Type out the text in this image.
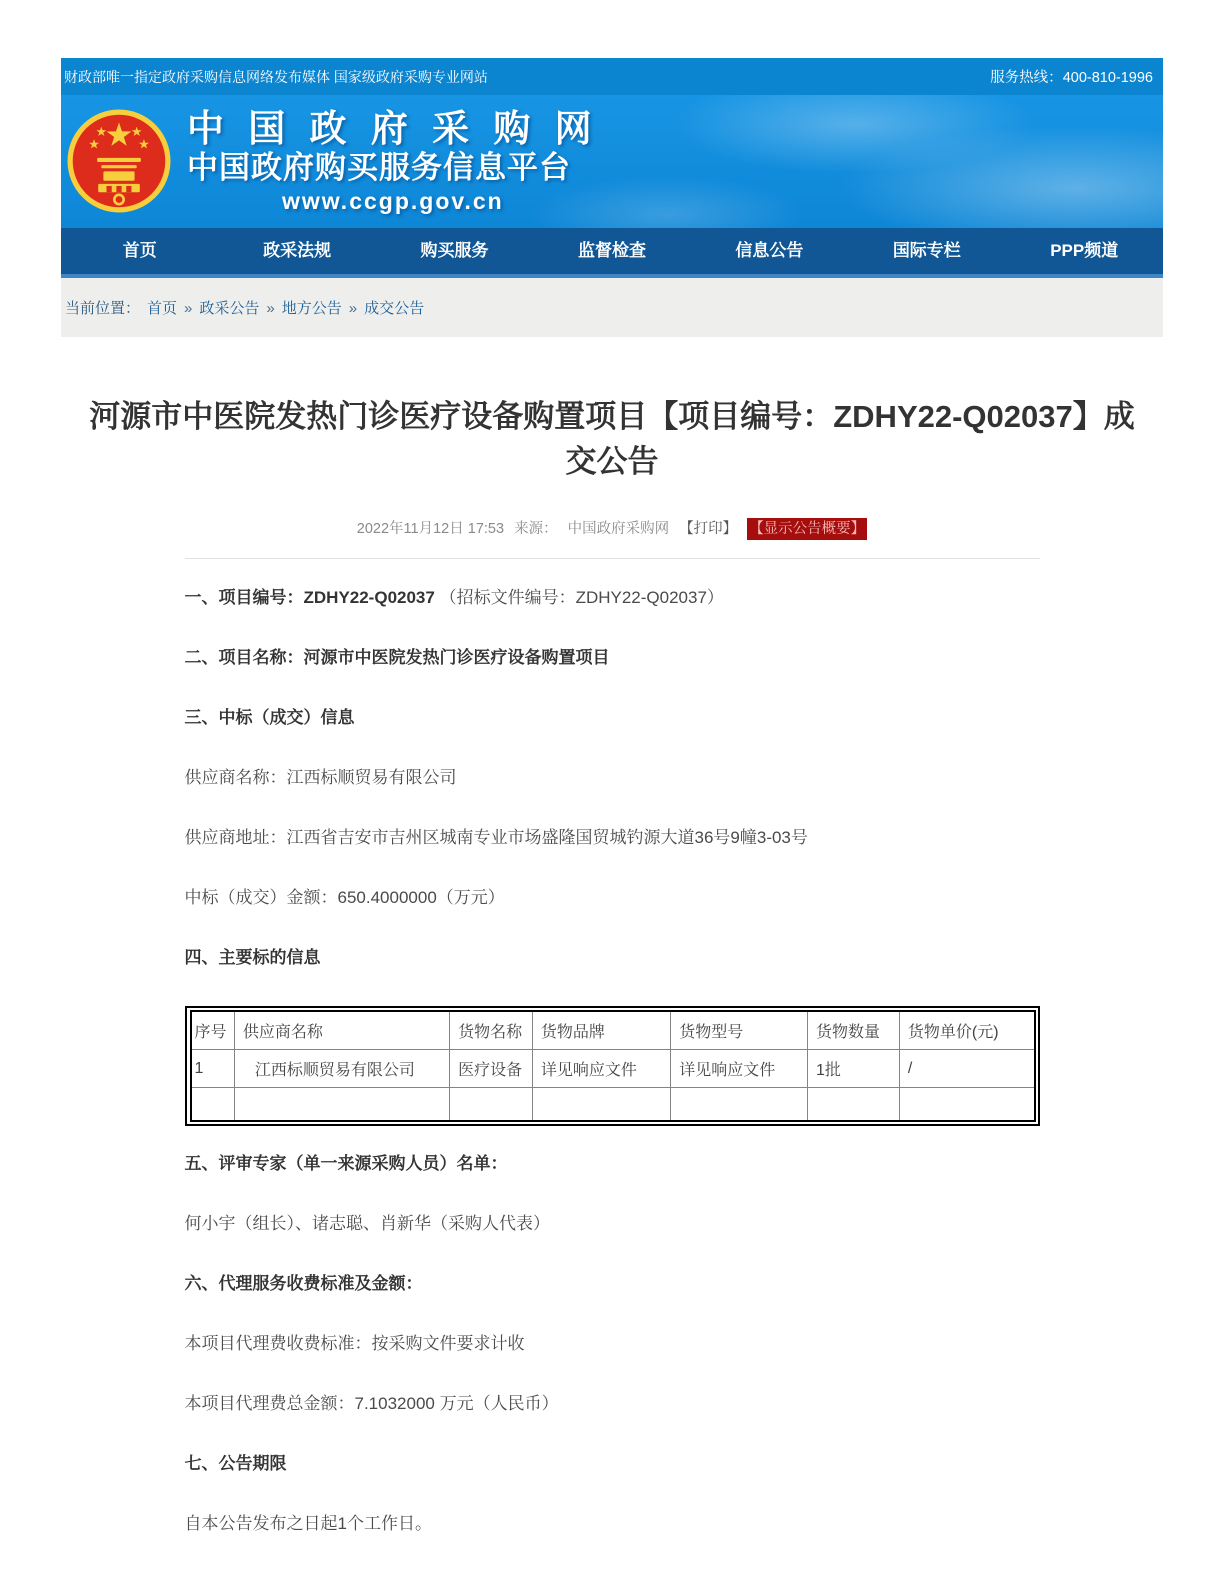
财政部唯一指定政府采购信息网络发布媒体 国家级政府采购专业网站	服务热线：400-810-1996
中 国 政 府 采 购 网
中国政府购买服务信息平台
www.ccgp.gov.cn
首页	政采法规	购买服务	监督检查	信息公告	国际专栏	PPP频道
当前位置： 首页 » 政采公告 » 地方公告 » 成交公告
河源市中医院发热门诊医疗设备购置项目【项目编号：ZDHY22-Q02037】成交公告
2022年11月12日 17:53 来源： 中国政府采购网 【打印】 【显示公告概要】

一、项目编号：ZDHY22-Q02037 （招标文件编号：ZDHY22-Q02037）

二、项目名称：河源市中医院发热门诊医疗设备购置项目

三、中标（成交）信息

供应商名称：江西标顺贸易有限公司

供应商地址：江西省吉安市吉州区城南专业市场盛隆国贸城钓源大道36号9幢3-03号

中标（成交）金额：650.4000000（万元）

四、主要标的信息

序号	供应商名称	货物名称	货物品牌	货物型号	货物数量	货物单价(元)
1	江西标顺贸易有限公司	医疗设备	详见响应文件	详见响应文件	1批	/

五、评审专家（单一来源采购人员）名单：

何小宇（组长）、诸志聪、肖新华（采购人代表）

六、代理服务收费标准及金额：

本项目代理费收费标准：按采购文件要求计收

本项目代理费总金额：7.1032000 万元（人民币）

七、公告期限

自本公告发布之日起1个工作日。
